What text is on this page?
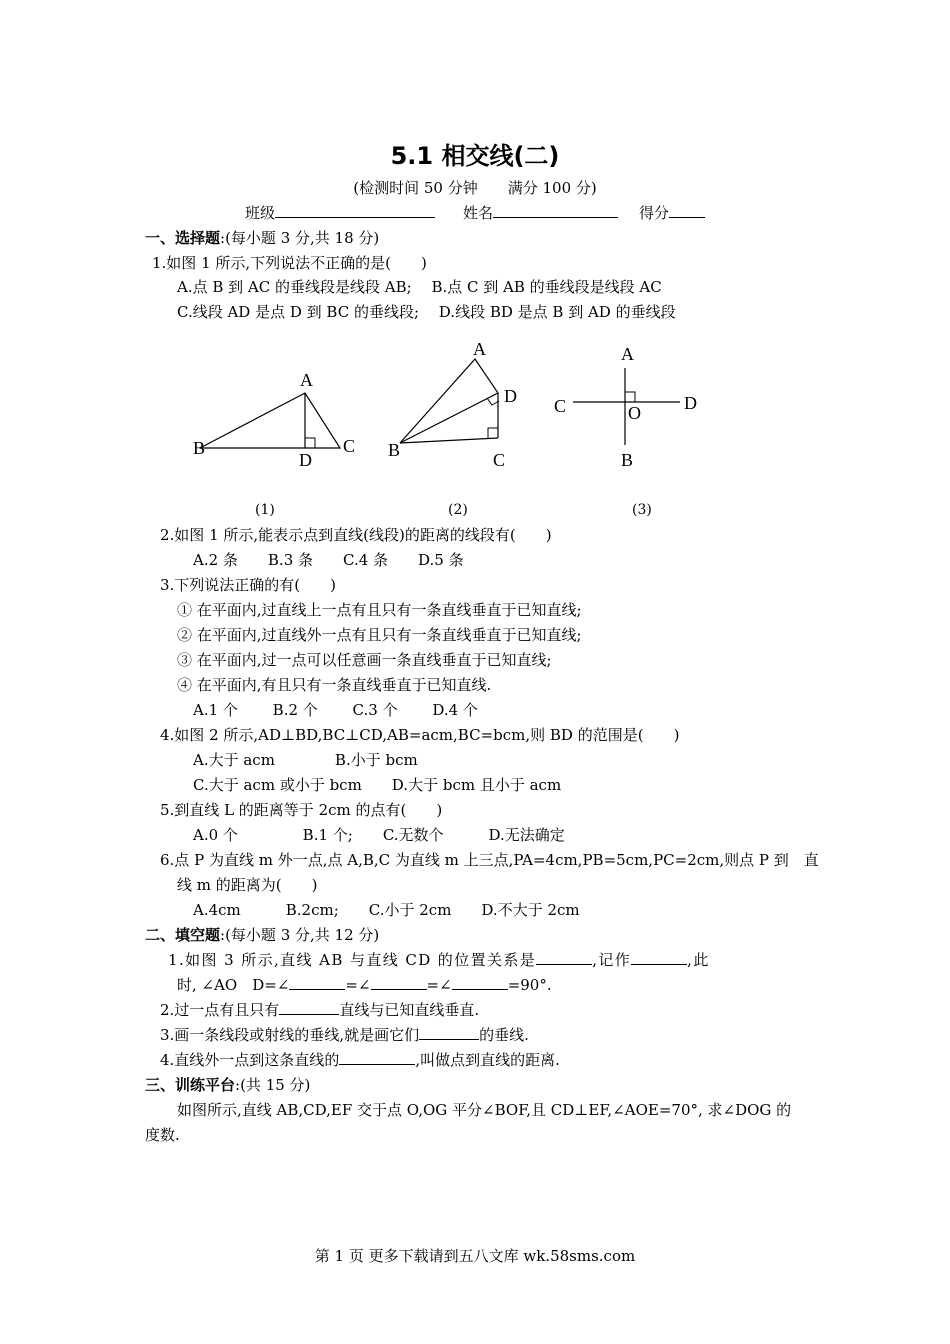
5.1 相交线(二)
(检测时间 50 分钟　　满分 100 分)
班级	姓名	得分
一、选择题:(每小题 3 分,共 18 分)
1.如图 1 所示,下列说法不正确的是(　　)
A.点 B 到 AC 的垂线段是线段 AB;　 B.点 C 到 AB 的垂线段是线段 AC
C.线段 AD 是点 D 到 BC 的垂线段;　 D.线段 BD 是点 B 到 AD 的垂线段
A
B	C
D
A
B	C
D
A
B
C	D
O
(1)	(2)	(3)
2.如图 1 所示,能表示点到直线(线段)的距离的线段有(　　)
A.2 条　　B.3 条　　C.4 条　　D.5 条
3.下列说法正确的有(　　)
① 在平面内,过直线上一点有且只有一条直线垂直于已知直线;
② 在平面内,过直线外一点有且只有一条直线垂直于已知直线;
③ 在平面内,过一点可以任意画一条直线垂直于已知直线;
④ 在平面内,有且只有一条直线垂直于已知直线.
A.1 个　　 B.2 个　　 C.3 个　　 D.4 个
4.如图 2 所示,AD⊥BD,BC⊥CD,AB=acm,BC=bcm,则 BD 的范围是(　　)
A.大于 acm　　　　B.小于 bcm
C.大于 acm 或小于 bcm　　D.大于 bcm 且小于 acm
5.到直线 L 的距离等于 2cm 的点有(　　)
A.0 个　　　　 B.1 个;　　C.无数个　　　D.无法确定
6.点 P 为直线 m 外一点,点 A,B,C 为直线 m 上三点,PA=4cm,PB=5cm,PC=2cm,则点 P 到　直
线 m 的距离为(　　)
A.4cm　　　B.2cm;　　C.小于 2cm　　D.不大于 2cm
二、填空题:(每小题 3 分,共 12 分)
1.如图 3 所示,直线 AB 与直线 CD 的位置关系是	,记作	,此
时, ∠AO　D=∠	=∠	=∠	=90°.
2.过一点有且只有	直线与已知直线垂直.
3.画一条线段或射线的垂线,就是画它们	的垂线.
4.直线外一点到这条直线的	,叫做点到直线的距离.
三、训练平台:(共 15 分)
如图所示,直线 AB,CD,EF 交于点 O,OG 平分∠BOF,且 CD⊥EF,∠AOE=70°, 求∠DOG 的
度数.
第 1 页 更多下载请到五八文库 wk.58sms.com
